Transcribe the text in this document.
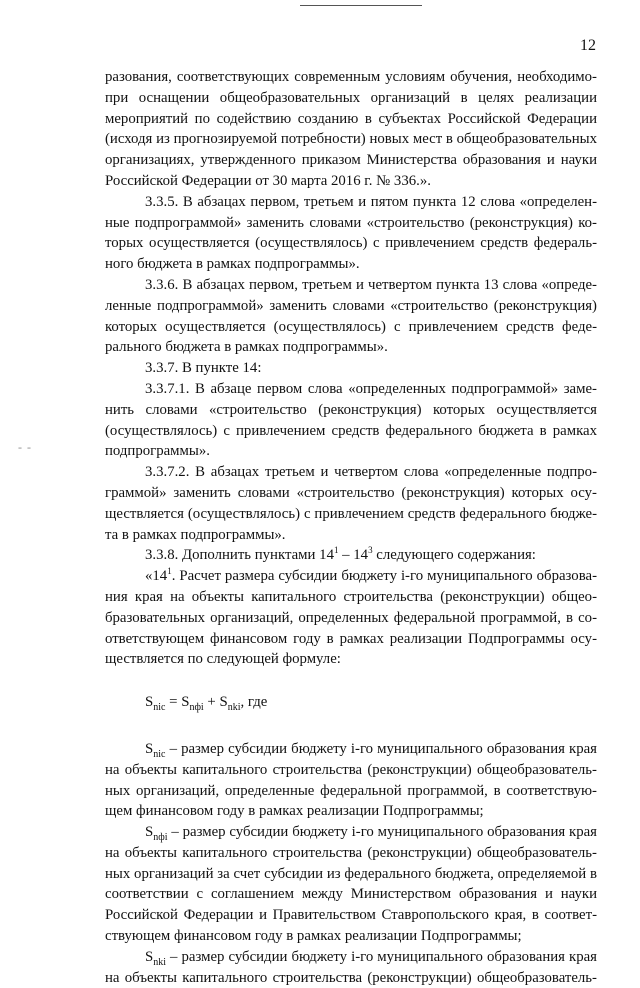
12
- -

разования, соответствующих современным условиям обучения, необходимо-

при оснащении общеобразовательных организаций в целях реализации

мероприятий по содействию созданию в субъектах Российской Федерации

(исходя из прогнозируемой потребности) новых мест в общеобразовательных

организациях, утвержденного приказом Министерства образования и науки

Российской Федерации от 30 марта 2016 г. № 336.».

3.3.5. В абзацах первом, третьем и пятом пункта 12 слова «определен-

ные подпрограммой» заменить словами «строительство (реконструкция) ко-

торых осуществляется (осуществлялось) с привлечением средств федераль-

ного бюджета в рамках подпрограммы».

3.3.6. В абзацах первом, третьем и четвертом пункта 13 слова «опреде-

ленные подпрограммой» заменить словами «строительство (реконструкция)

которых осуществляется (осуществлялось) с привлечением средств феде-

рального бюджета в рамках подпрограммы».

3.3.7. В пункте 14:

3.3.7.1. В абзаце первом слова «определенных подпрограммой» заме-

нить словами «строительство (реконструкция) которых осуществляется

(осуществлялось) с привлечением средств федерального бюджета в рамках

подпрограммы».

3.3.7.2. В абзацах третьем и четвертом слова «определенные подпро-

граммой» заменить словами «строительство (реконструкция) которых осу-

ществляется (осуществлялось) с привлечением средств федерального бюдже-

та в рамках подпрограммы».

3.3.8. Дополнить пунктами $14^1 - 14^3$ следующего содержания:

«$14^1$. Расчет размера субсидии бюджету i-го муниципального образова-

ния края на объекты капитального строительства (реконструкции) общео-

бразовательных организаций, определенных федеральной программой, в со-

ответствующем финансовом году в рамках реализации Подпрограммы осу-

ществляется по следующей формуле:

$S_{nic} = S_{nфi} + S_{nki}$, где

$S_{nic}$ – размер субсидии бюджету i-го муниципального образования края

на объекты капитального строительства (реконструкции) общеобразователь-

ных организаций, определенные федеральной программой, в соответствую-

щем финансовом году в рамках реализации Подпрограммы;

$S_{nфi}$ – размер субсидии бюджету i-го муниципального образования края

на объекты капитального строительства (реконструкции) общеобразователь-

ных организаций за счет субсидии из федерального бюджета, определяемой в

соответствии с соглашением между Министерством образования и науки

Российской Федерации и Правительством Ставропольского края, в соответ-

ствующем финансовом году в рамках реализации Подпрограммы;

$S_{nki}$ – размер субсидии бюджету i-го муниципального образования края

на объекты капитального строительства (реконструкции) общеобразователь-
